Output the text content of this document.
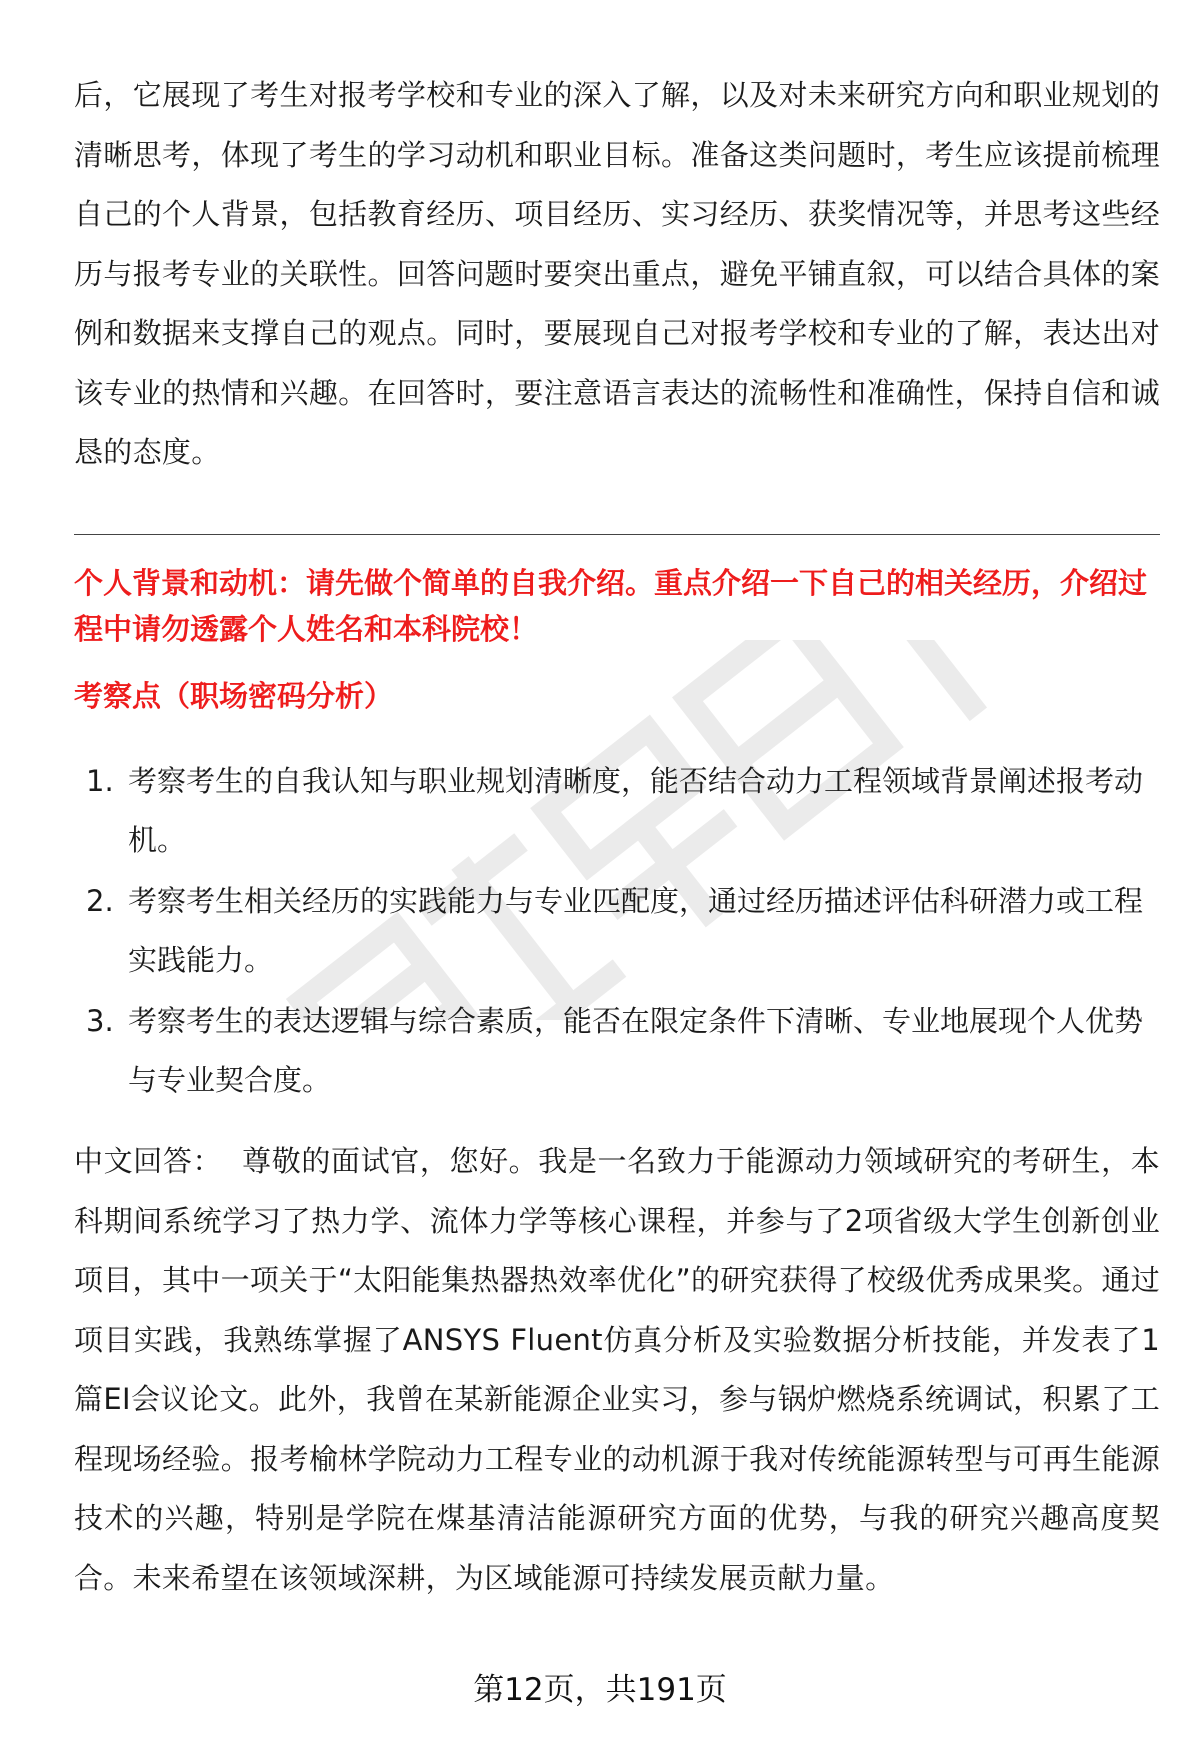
后，它展现了考生对报考学校和专业的深入了解，以及对未来研究方向和职业规划的清晰思考，体现了考生的学习动机和职业目标。准备这类问题时，考生应该提前梳理自己的个人背景，包括教育经历、项目经历、实习经历、获奖情况等，并思考这些经历与报考专业的关联性。回答问题时要突出重点，避免平铺直叙，可以结合具体的案例和数据来支撑自己的观点。同时，要展现自己对报考学校和专业的了解，表达出对该专业的热情和兴趣。在回答时，要注意语言表达的流畅性和准确性，保持自信和诚恳的态度。

个人背景和动机：请先做个简单的自我介绍。重点介绍一下自己的相关经历，介绍过程中请勿透露个人姓名和本科院校！

考察点（职场密码分析）

1. 考察考生的自我认知与职业规划清晰度，能否结合动力工程领域背景阐述报考动机。
2. 考察考生相关经历的实践能力与专业匹配度，通过经历描述评估科研潜力或工程实践能力。
3. 考察考生的表达逻辑与综合素质，能否在限定条件下清晰、专业地展现个人优势与专业契合度。

中文回答： 尊敬的面试官，您好。我是一名致力于能源动力领域研究的考研生，本科期间系统学习了热力学、流体力学等核心课程，并参与了2项省级大学生创新创业项目，其中一项关于“太阳能集热器热效率优化”的研究获得了校级优秀成果奖。通过项目实践，我熟练掌握了ANSYS Fluent仿真分析及实验数据分析技能，并发表了1篇EI会议论文。此外，我曾在某新能源企业实习，参与锅炉燃烧系统调试，积累了工程现场经验。报考榆林学院动力工程专业的动机源于我对传统能源转型与可再生能源技术的兴趣，特别是学院在煤基清洁能源研究方面的优势，与我的研究兴趣高度契合。未来希望在该领域深耕，为区域能源可持续发展贡献力量。

第12页，共191页
